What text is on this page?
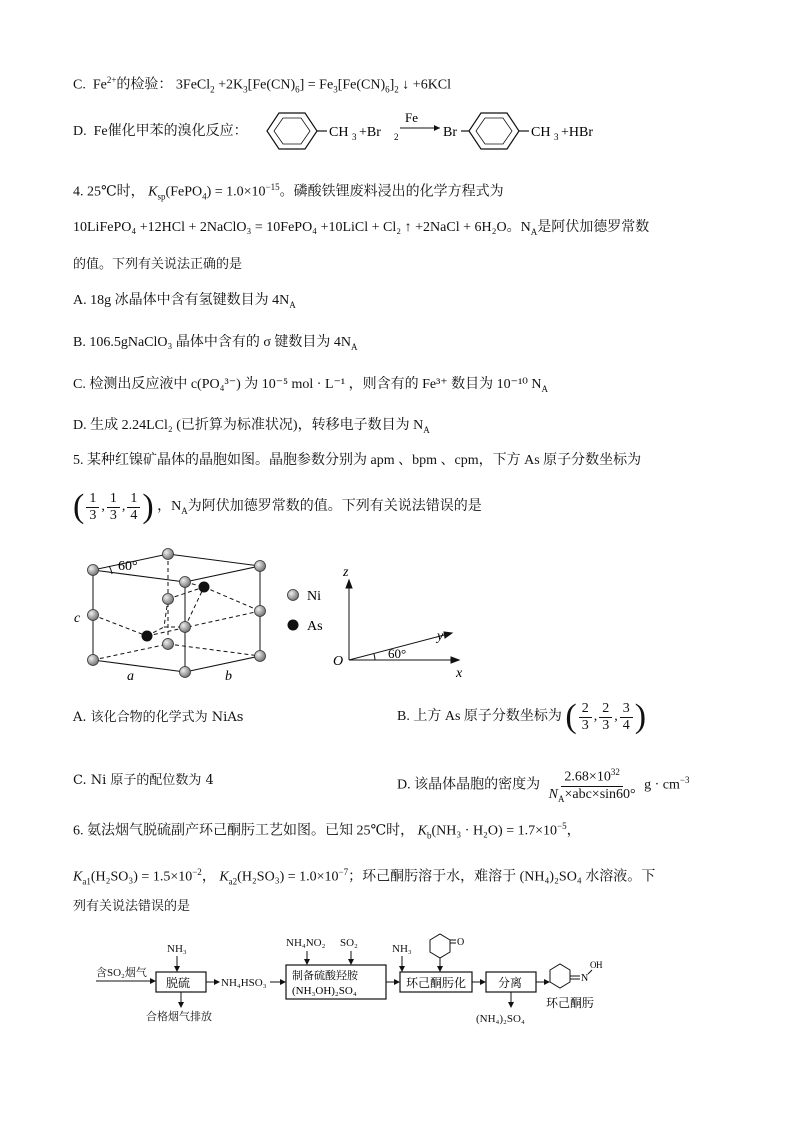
C. $Fe^{2+}$的检验： 3FeCl$_2$ $+2K_3[Fe(CN)_6] = Fe_3[Fe(CN)_6]_2$ ↓ +6KCl
D. Fe催化甲苯的溴化反应：	CH 3 +Br 2
Fe
Br	CH 3 +HBr
4. 25℃时， $K_{sp}(FePO_4) = 1.0\times 10^{-15}$。磷酸铁锂废料浸出的化学方程式为
10LiFePO₄ +12HCl + 2NaClO₃ = 10FePO₄ +10LiCl + Cl₂ ↑ +2NaCl + 6H₂O。$N_A$是阿伏加德罗常数
的值。下列有关说法正确的是
A. 18g 冰晶体中含有氢键数目为 $4N_A$
B. 106.5gNaClO₃ 晶体中含有的 σ 键数目为 $4N_A$
C. 检测出反应液中 c(PO₄³⁻) 为 10⁻⁵ mol · L⁻¹ ，则含有的 Fe³⁺ 数目为 10⁻¹⁰ $N_A$
D. 生成 2.24LCl₂ (已折算为标准状况)，转移电子数目为 $N_A$
5. 某种红镍矿晶体的晶胞如图。晶胞参数分别为 apm 、bpm 、cpm，下方 As 原子分数坐标为
( $\frac{1}{3}$ , $\frac{1}{3}$ , $\frac{1}{4}$ ) ，$N_A$为阿伏加德罗常数的值。下列有关说法错误的是
60°
c
a	b
Ni
As
z
y
x
O
60°
A. 该化合物的化学式为 NiAs	B. 上方 As 原子分数坐标为 ( $\frac{2}{3}$ , $\frac{2}{3}$ , $\frac{3}{4}$ )
C. Ni 原子的配位数为 4	D. 该晶体晶胞的密度为 $\frac{2.68\times 10^{32}}{N_A\times abc\times\sin 60^\circ}$ $g \cdot cm^{-3}$
6. 氨法烟气脱硫副产环己酮肟工艺如图。已知 25℃时， $K_b(NH_3 \cdot H_2O) = 1.7\times 10^{-5}$，
$K_{a1}(H_2SO_3) = 1.5\times 10^{-2}$， $K_{a2}(H_2SO_3) = 1.0\times 10^{-7}$；环己酮肟溶于水，难溶于 (NH₄)₂SO₄ 水溶液。下
列有关说法错误的是
含SO₂烟气
NH₃
脱硫
合格烟气排放
NH₄HSO₃
NH₄NO₂ SO₂
制备硫酸羟胺
(NH₃OH)₂SO₄
NH₃
O
环己酮肟化	分离
(NH₄)₂SO₄
N
O H
环己酮肟
